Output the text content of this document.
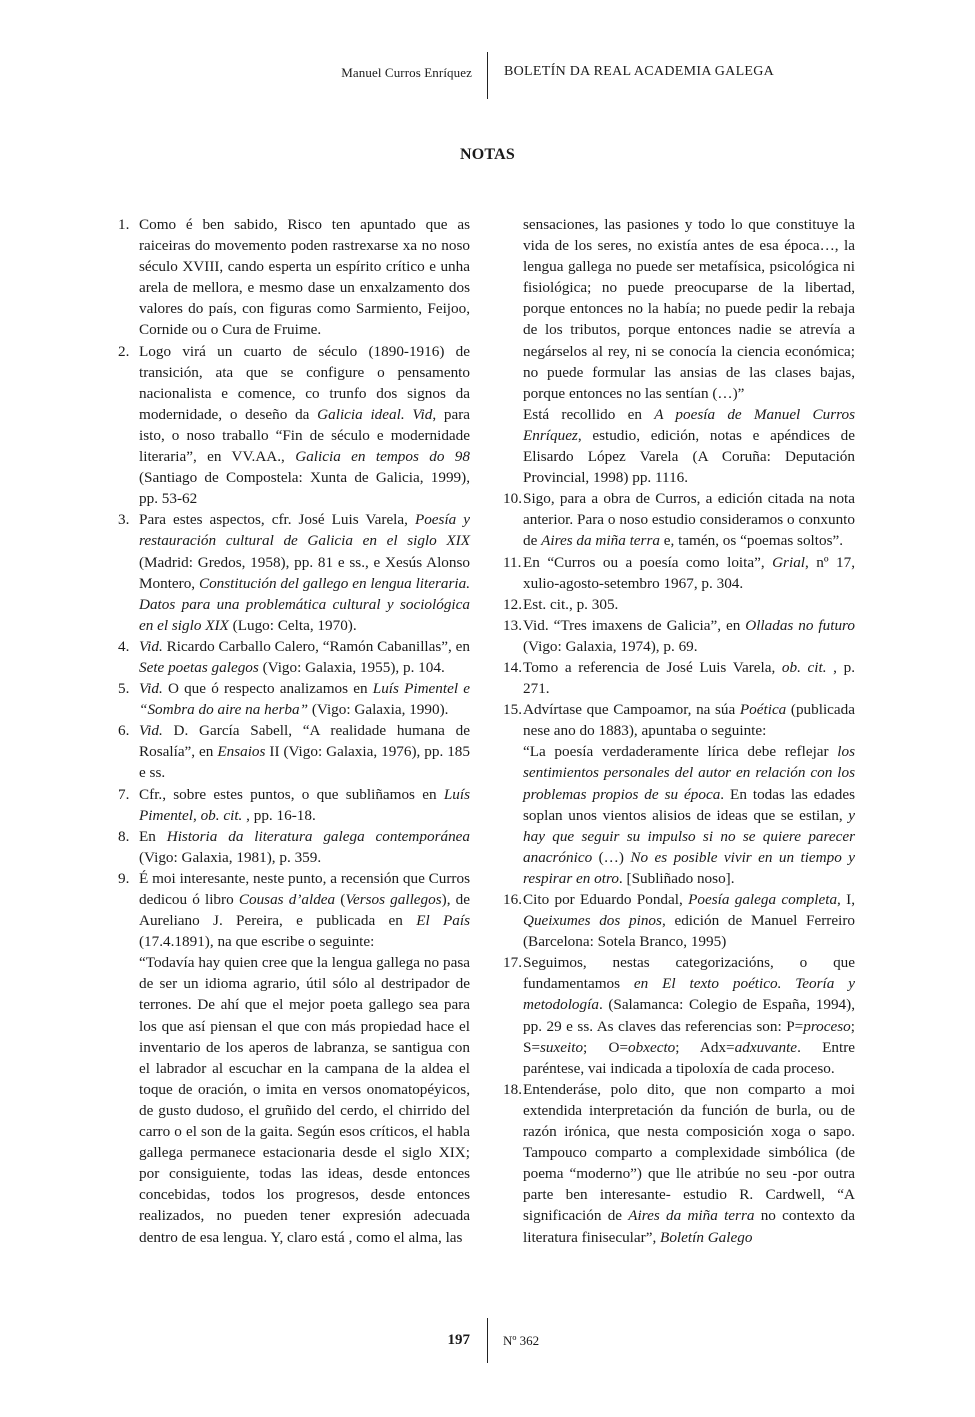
Manuel Curros Enríquez BOLETÍN DA REAL ACADEMIA GALEGA
NOTAS
1. Como é ben sabido, Risco ten apuntado que as raiceiras do movemento poden rastrexarse xa no noso século XVIII, cando esperta un espírito crítico e unha arela de mellora, e mesmo dase un enxalzamento dos valores do país, con figuras como Sarmiento, Feijoo, Cornide ou o Cura de Fruime.
2. Logo virá un cuarto de século (1890-1916) de transición, ata que se configure o pensamento nacionalista e comence, co trunfo dos signos da modernidade, o deseño da Galicia ideal. Vid, para isto, o noso traballo “Fin de século e modernidade literaria”, en VV.AA., Galicia en tempos do 98 (Santiago de Compostela: Xunta de Galicia, 1999), pp. 53-62
3. Para estes aspectos, cfr. José Luis Varela, Poesía y restauración cultural de Galicia en el siglo XIX (Madrid: Gredos, 1958), pp. 81 e ss., e Xesús Alonso Montero, Constitución del gallego en lengua literaria. Datos para una problemática cultural y sociológica en el siglo XIX (Lugo: Celta, 1970).
4. Vid. Ricardo Carballo Calero, “Ramón Cabanillas”, en Sete poetas galegos (Vigo: Galaxia, 1955), p. 104.
5. Vid. O que ó respecto analizamos en Luís Pimentel e “Sombra do aire na herba” (Vigo: Galaxia, 1990).
6. Vid. D. García Sabell, “A realidade humana de Rosalía”, en Ensaios II (Vigo: Galaxia, 1976), pp. 185 e ss.
7. Cfr., sobre estes puntos, o que subliñamos en Luís Pimentel, ob. cit. , pp. 16-18.
8. En Historia da literatura galega contemporánea (Vigo: Galaxia, 1981), p. 359.
9. É moi interesante, neste punto, a recensión que Curros dedicou ó libro Cousas d’aldea (Versos gallegos), de Aureliano J. Pereira, e publicada en El País (17.4.1891), na que escribe o seguinte:

“Todavía hay quien cree que la lengua gallega no pasa de ser un idioma agrario, útil sólo al destripador de terrones. De ahí que el mejor poeta gallego sea para los que así piensan el que con más propiedad hace el inventario de los aperos de labranza, se santigua con el labrador al escuchar en la campana de la aldea el toque de oración, o imita en versos onomatopéyicos, de gusto dudoso, el gruñido del cerdo, el chirrido del carro o el son de la gaita. Según esos críticos, el habla gallega permanece estacionaria desde el siglo XIX; por consiguiente, todas las ideas, desde entonces concebidas, todos los progresos, desde entonces realizados, no pueden tener expresión adecuada dentro de esa lengua. Y, claro está , como el alma, las

sensaciones, las pasiones y todo lo que constituye la vida de los seres, no existía antes de esa época…, la lengua gallega no puede ser metafísica, psicológica ni fisiológica; no puede preocuparse de la libertad, porque entonces no la había; no puede pedir la rebaja de los tributos, porque entonces nadie se atrevía a negárselos al rey, ni se conocía la ciencia económica; no puede formular las ansias de las clases bajas, porque entonces no las sentían (…)”

Está recollido en A poesía de Manuel Curros Enríquez, estudio, edición, notas e apéndices de Elisardo López Varela (A Coruña: Deputación Provincial, 1998) pp. 1116.

10. Sigo, para a obra de Curros, a edición citada na nota anterior. Para o noso estudio consideramos o conxunto de Aires da miña terra e, tamén, os “poemas soltos”.
11. En “Curros ou a poesía como loita”, Grial, nº 17, xulio-agosto-setembro 1967, p. 304.
12. Est. cit., p. 305.
13. Vid. “Tres imaxens de Galicia”, en Olladas no futuro (Vigo: Galaxia, 1974), p. 69.
14. Tomo a referencia de José Luis Varela, ob. cit. , p. 271.
15. Advírtase que Campoamor, na súa Poética (publicada nese ano do 1883), apuntaba o seguinte:

“La poesía verdaderamente lírica debe reflejar los sentimientos personales del autor en relación con los problemas propios de su época. En todas las edades soplan unos vientos alisios de ideas que se estilan, y hay que seguir su impulso si no se quiere parecer anacrónico (…) No es posible vivir en un tiempo y respirar en otro. [Subliñado noso].

16. Cito por Eduardo Pondal, Poesía galega completa, I, Queixumes dos pinos, edición de Manuel Ferreiro (Barcelona: Sotela Branco, 1995)
17. Seguimos, nestas categorizacións, o que fundamentamos en El texto poético. Teoría y metodología. (Salamanca: Colegio de España, 1994), pp. 29 e ss. As claves das referencias son: P=proceso; S=suxeito; O=obxecto; Adx=adxuvante. Entre paréntese, vai indicada a tipoloxía de cada proceso.
18. Entenderáse, polo dito, que non comparto a moi extendida interpretación da función de burla, ou de razón irónica, que nesta composición xoga o sapo. Tampouco comparto a complexidade simbólica (de poema “moderno”) que lle atribúe no seu -por outra parte ben interesante- estudio R. Cardwell, “A significación de Aires da miña terra no contexto da literatura finisecular”, Boletín Galego
197	Nº 362
